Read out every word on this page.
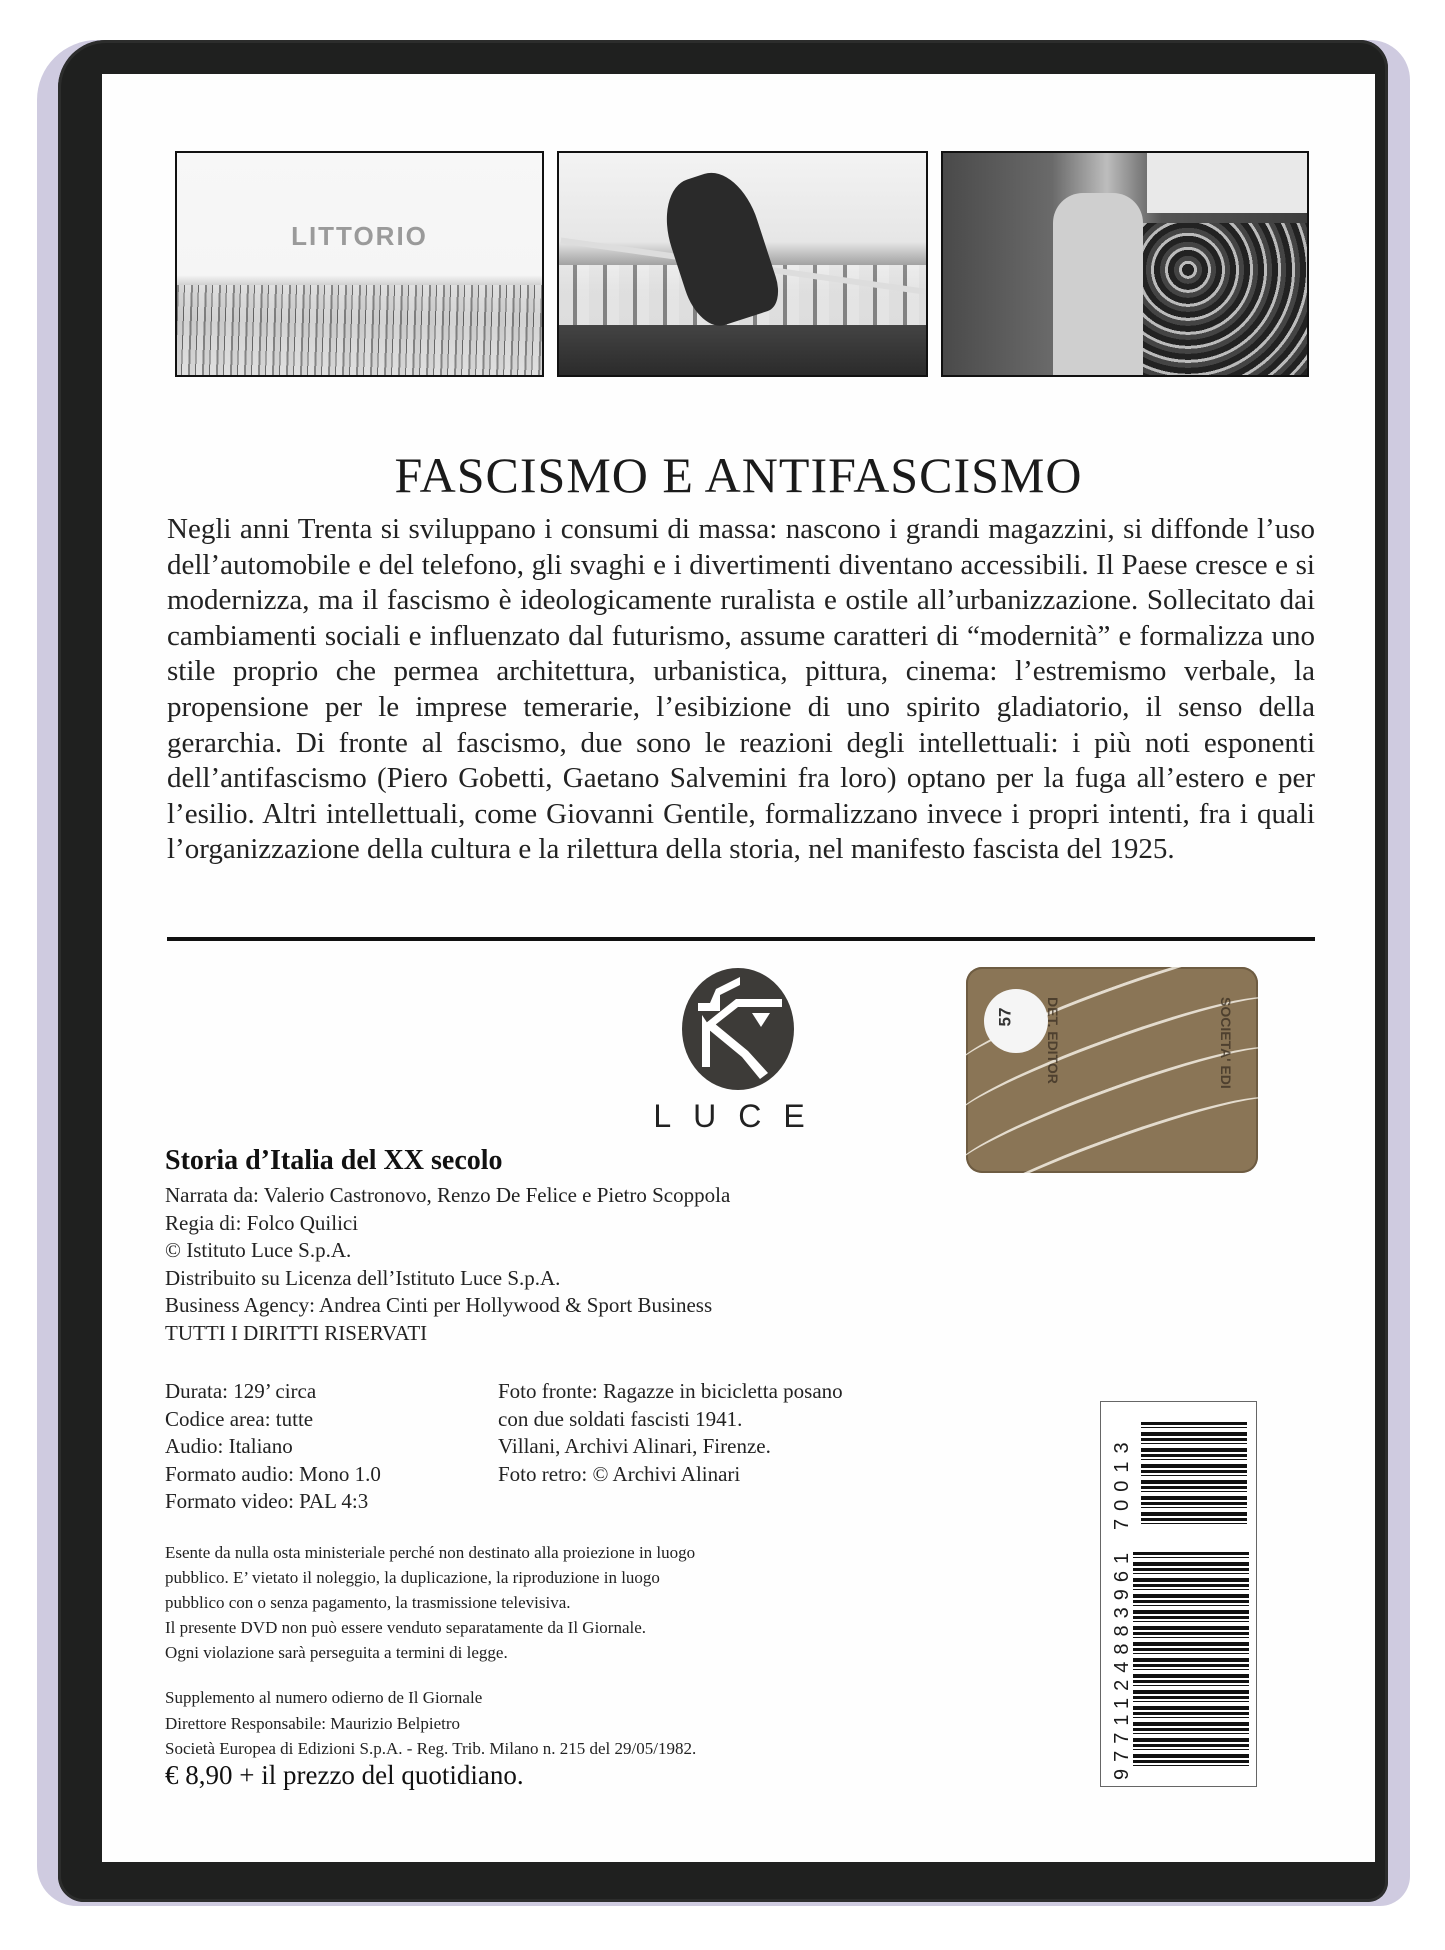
LITTORIO
FASCISMO E ANTIFASCISMO
Negli anni Trenta si sviluppano i consumi di massa: nascono i grandi magazzini, si diffonde l’uso dell’automobile e del telefono, gli svaghi e i divertimenti diventano accessibili. Il Paese cresce e si modernizza, ma il fascismo è ideologicamente ruralista e ostile all’urbanizzazione. Sollecitato dai cambiamenti sociali e influenzato dal futurismo, assume caratteri di “modernità” e formalizza uno stile proprio che permea architettura, urbanistica, pittura, cinema: l’estremismo verbale, la propensione per le imprese temerarie, l’esibizione di uno spirito gladiatorio, il senso della gerarchia. Di fronte al fascismo, due sono le reazioni degli intellettuali: i più noti esponenti dell’antifascismo (Piero Gobetti, Gaetano Salvemini fra loro) optano per la fuga all’estero e per l’esilio. Altri intellettuali, come Giovanni Gentile, formalizzano invece i propri intenti, fra i quali l’organizzazione della cultura e la rilettura della storia, nel manifesto fascista del 1925.
LUCE
57 DET. EDITOR	SOCIETA' EDI
Storia d’Italia del XX secolo
Narrata da: Valerio Castronovo, Renzo De Felice e Pietro Scoppola
Regia di: Folco Quilici
© Istituto Luce S.p.A.
Distribuito su Licenza dell’Istituto Luce S.p.A.
Business Agency: Andrea Cinti per Hollywood & Sport Business
TUTTI I DIRITTI RISERVATI
Durata: 129’ circa
Codice area: tutte
Audio: Italiano
Formato audio: Mono 1.0
Formato video: PAL 4:3
Foto fronte: Ragazze in bicicletta posano
con due soldati fascisti 1941.
Villani, Archivi Alinari, Firenze.
Foto retro: © Archivi Alinari
Esente da nulla osta ministeriale perché non destinato alla proiezione in luogo
pubblico. E’ vietato il noleggio, la duplicazione, la riproduzione in luogo
pubblico con o senza pagamento, la trasmissione televisiva.
Il presente DVD non può essere venduto separatamente da Il Giornale.
Ogni violazione sarà perseguita a termini di legge.
Supplemento al numero odierno de Il Giornale
Direttore Responsabile: Maurizio Belpietro
Società Europea di Edizioni S.p.A. - Reg. Trib. Milano n. 215 del 29/05/1982.
€ 8,90 + il prezzo del quotidiano.
70013
9771124883961
